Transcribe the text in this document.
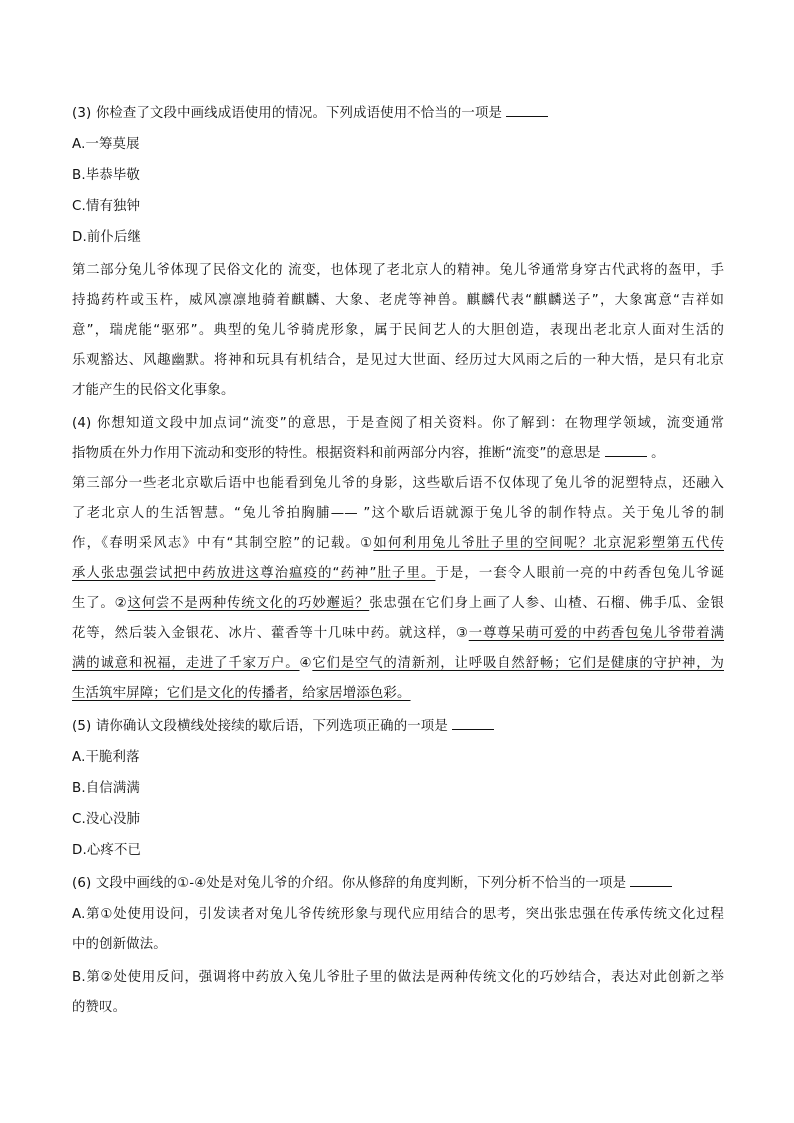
(3) 你检查了文段中画线成语使用的情况。下列成语使用不恰当的一项是
A.一筹莫展
B.毕恭毕敬
C.情有独钟
D.前仆后继
第二部分兔儿爷体现了民俗文化的 流变，也体现了老北京人的精神。兔儿爷通常身穿古代武将的盔甲，手
持捣药杵或玉杵，威风凛凛地骑着麒麟、大象、老虎等神兽。麒麟代表“麒麟送子”，大象寓意“吉祥如
意”，瑞虎能“驱邪”。典型的兔儿爷骑虎形象，属于民间艺人的大胆创造，表现出老北京人面对生活的
乐观豁达、风趣幽默。将神和玩具有机结合，是见过大世面、经历过大风雨之后的一种大悟，是只有北京
才能产生的民俗文化事象。
(4) 你想知道文段中加点词“流变”的意思，于是查阅了相关资料。你了解到：在物理学领域，流变通常
指物质在外力作用下流动和变形的特性。根据资料和前两部分内容，推断“流变”的意思是	。
第三部分一些老北京歇后语中也能看到兔儿爷的身影，这些歇后语不仅体现了兔儿爷的泥塑特点，还融入
了老北京人的生活智慧。“兔儿爷拍胸脯—— ”这个歇后语就源于兔儿爷的制作特点。关于兔儿爷的制
作，《春明采风志》中有“其制空腔”的记载。①如何利用兔儿爷肚子里的空间呢？北京泥彩塑第五代传
承人张忠强尝试把中药放进这尊治瘟疫的“药神”肚子里。于是，一套令人眼前一亮的中药香包兔儿爷诞
生了。②这何尝不是两种传统文化的巧妙邂逅？张忠强在它们身上画了人参、山楂、石榴、佛手瓜、金银
花等，然后装入金银花、冰片、藿香等十几味中药。就这样，③一尊尊呆萌可爱的中药香包兔儿爷带着满
满的诚意和祝福，走进了千家万户。④它们是空气的清新剂，让呼吸自然舒畅；它们是健康的守护神，为
生活筑牢屏障；它们是文化的传播者，给家居增添色彩。
(5) 请你确认文段横线处接续的歇后语，下列选项正确的一项是
A.干脆利落
B.自信满满
C.没心没肺
D.心疼不已
(6) 文段中画线的①-④处是对兔儿爷的介绍。你从修辞的角度判断，下列分析不恰当的一项是
A.第①处使用设问，引发读者对兔儿爷传统形象与现代应用结合的思考，突出张忠强在传承传统文化过程
中的创新做法。
B.第②处使用反问，强调将中药放入兔儿爷肚子里的做法是两种传统文化的巧妙结合，表达对此创新之举
的赞叹。
